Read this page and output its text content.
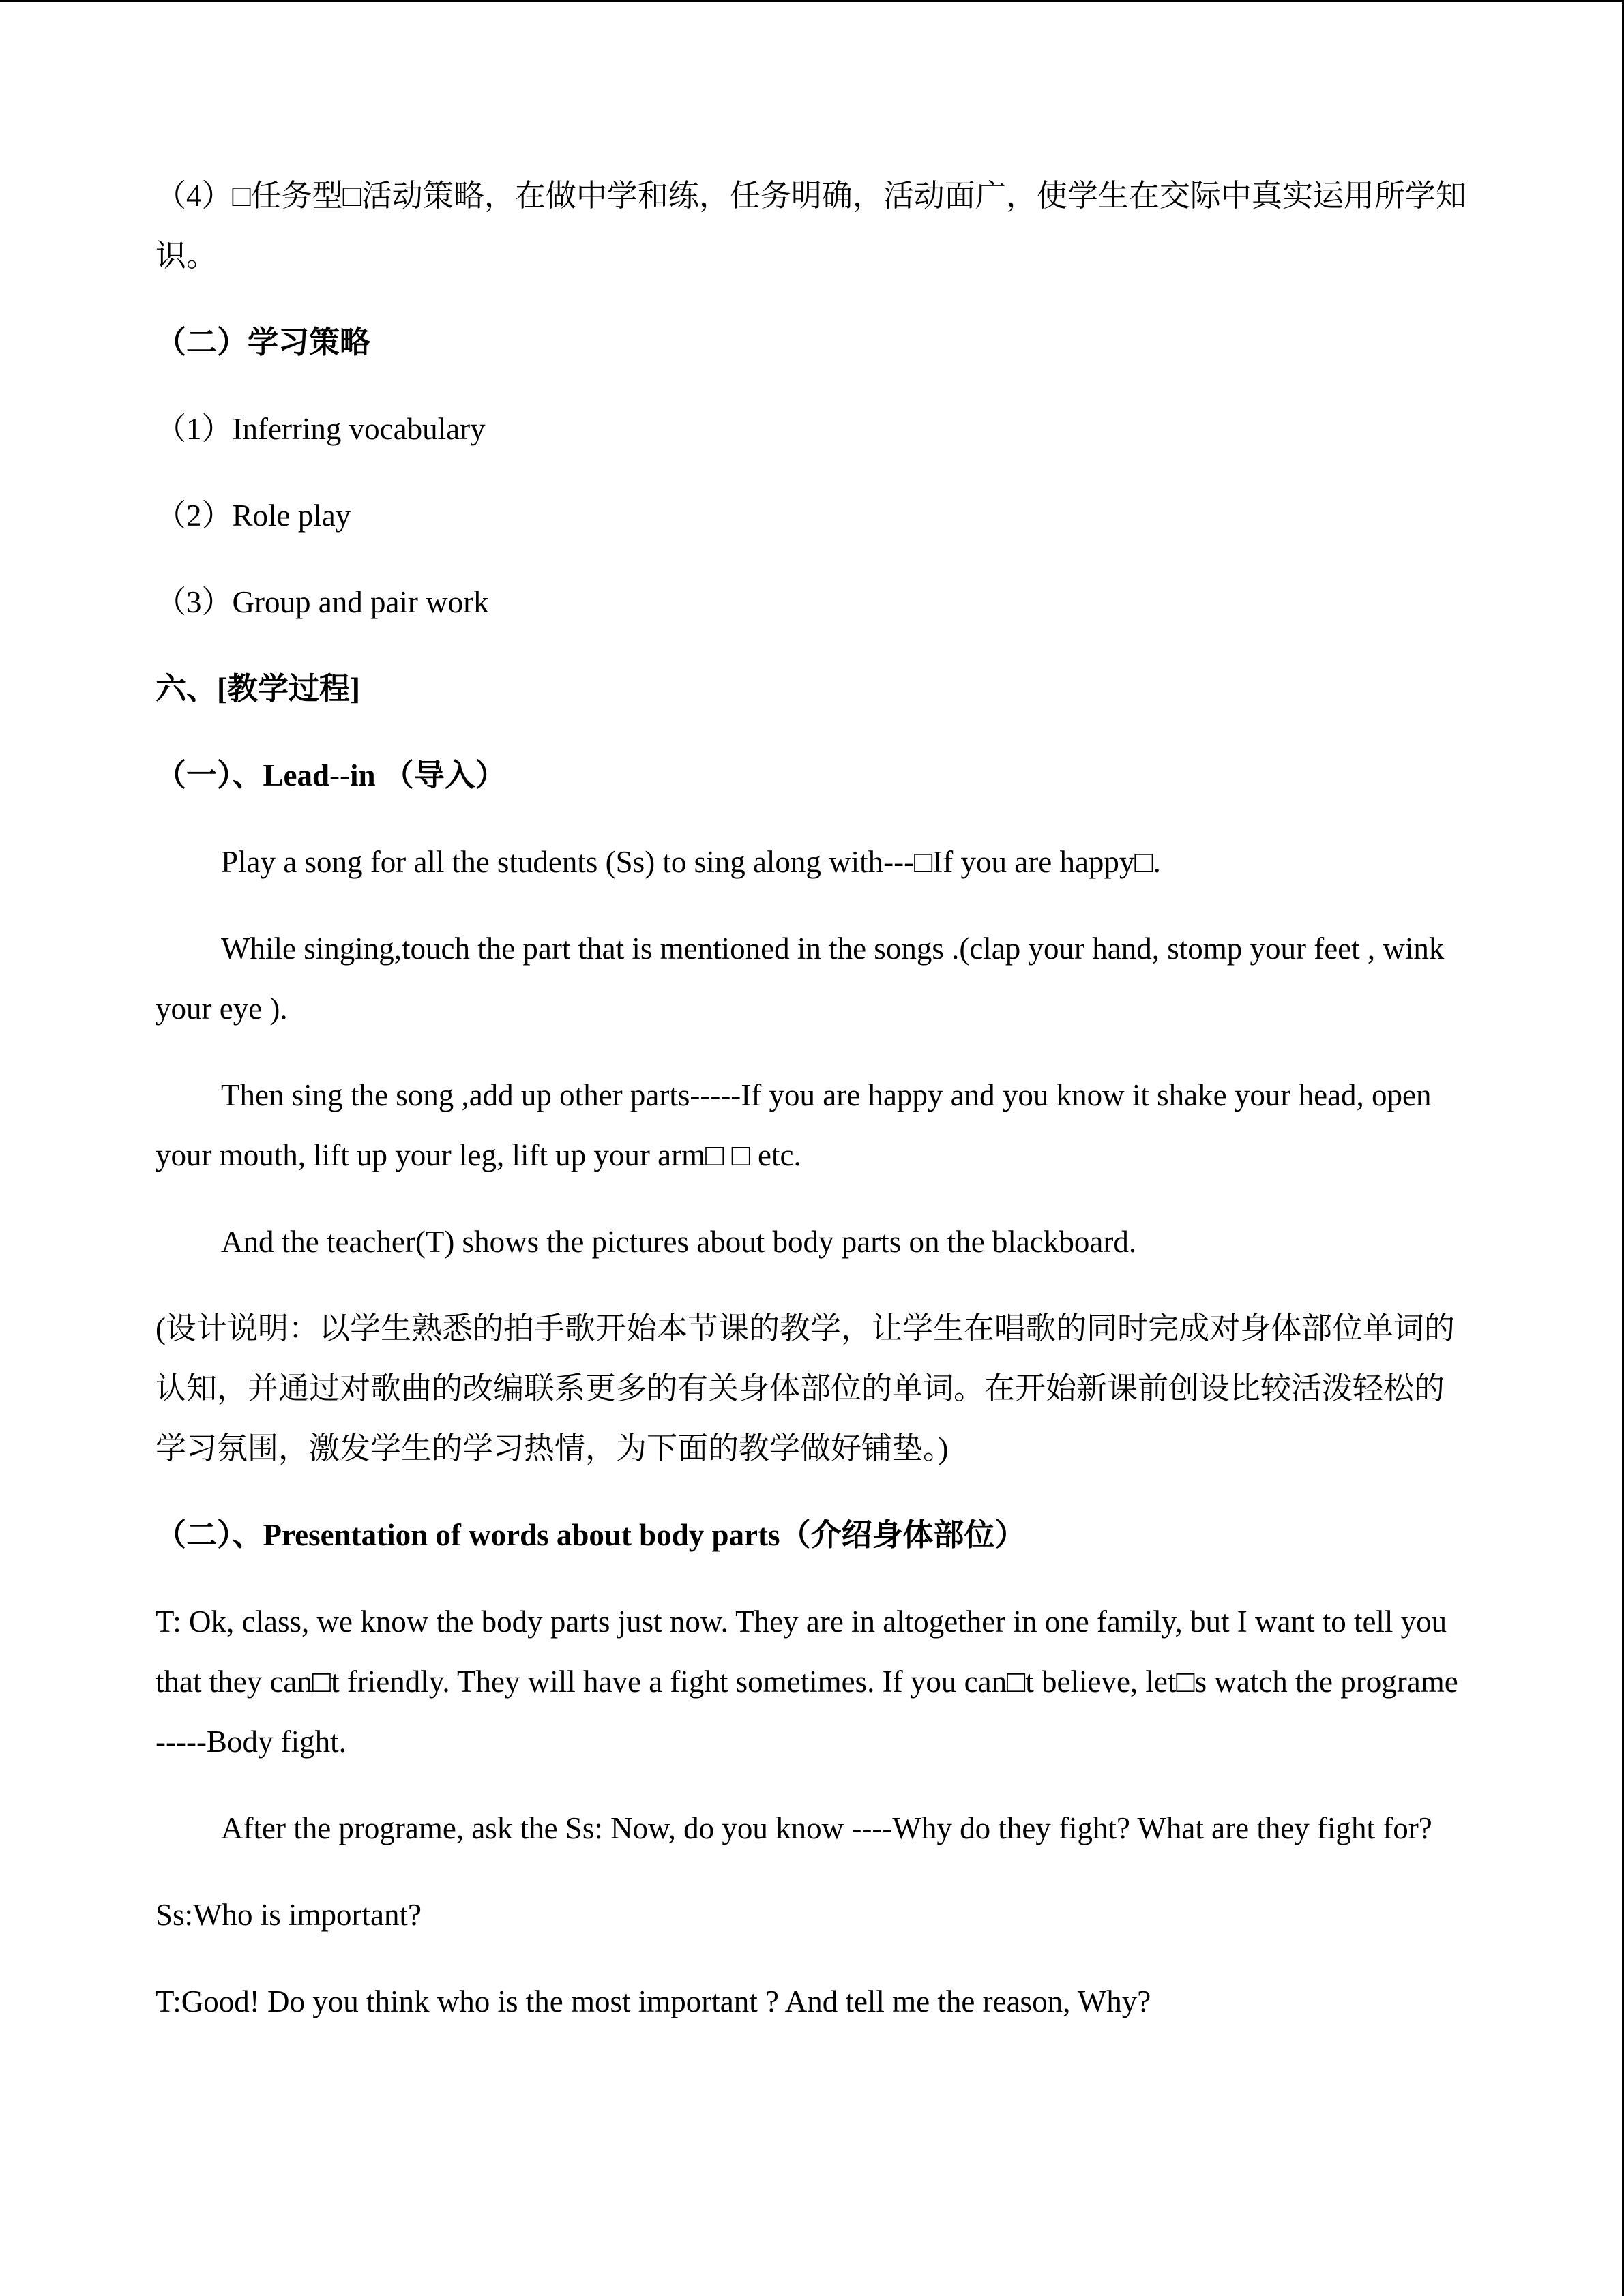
（4）□任务型□活动策略，在做中学和练，任务明确，活动面广，使学生在交际中真实运用所学知识。

（二）学习策略

（1）Inferring vocabulary

（2）Role play

（3）Group and pair work

六、[教学过程]

（一）、Lead--in （导入）

Play a song for all the students (Ss) to sing along with---□If you are happy□.

While singing,touch the part that is mentioned in the songs .(clap your hand, stomp your feet , wink your eye ).

Then sing the song ,add up other parts-----If you are happy and you know it shake your head, open your mouth, lift up your leg, lift up your arm□ □ etc.

And the teacher(T) shows the pictures about body parts on the blackboard.

(设计说明：以学生熟悉的拍手歌开始本节课的教学，让学生在唱歌的同时完成对身体部位单词的认知，并通过对歌曲的改编联系更多的有关身体部位的单词。在开始新课前创设比较活泼轻松的学习氛围，激发学生的学习热情，为下面的教学做好铺垫。)

（二）、Presentation of words about body parts（介绍身体部位）

T: Ok, class, we know the body parts just now. They are in altogether in one family, but I want to tell you that they can□t friendly. They will have a fight sometimes. If you can□t believe, let□s watch the programe -----Body fight.

After the programe, ask the Ss: Now, do you know ----Why do they fight? What are they fight for?

Ss:Who is important?

T:Good! Do you think who is the most important ? And tell me the reason, Why?
